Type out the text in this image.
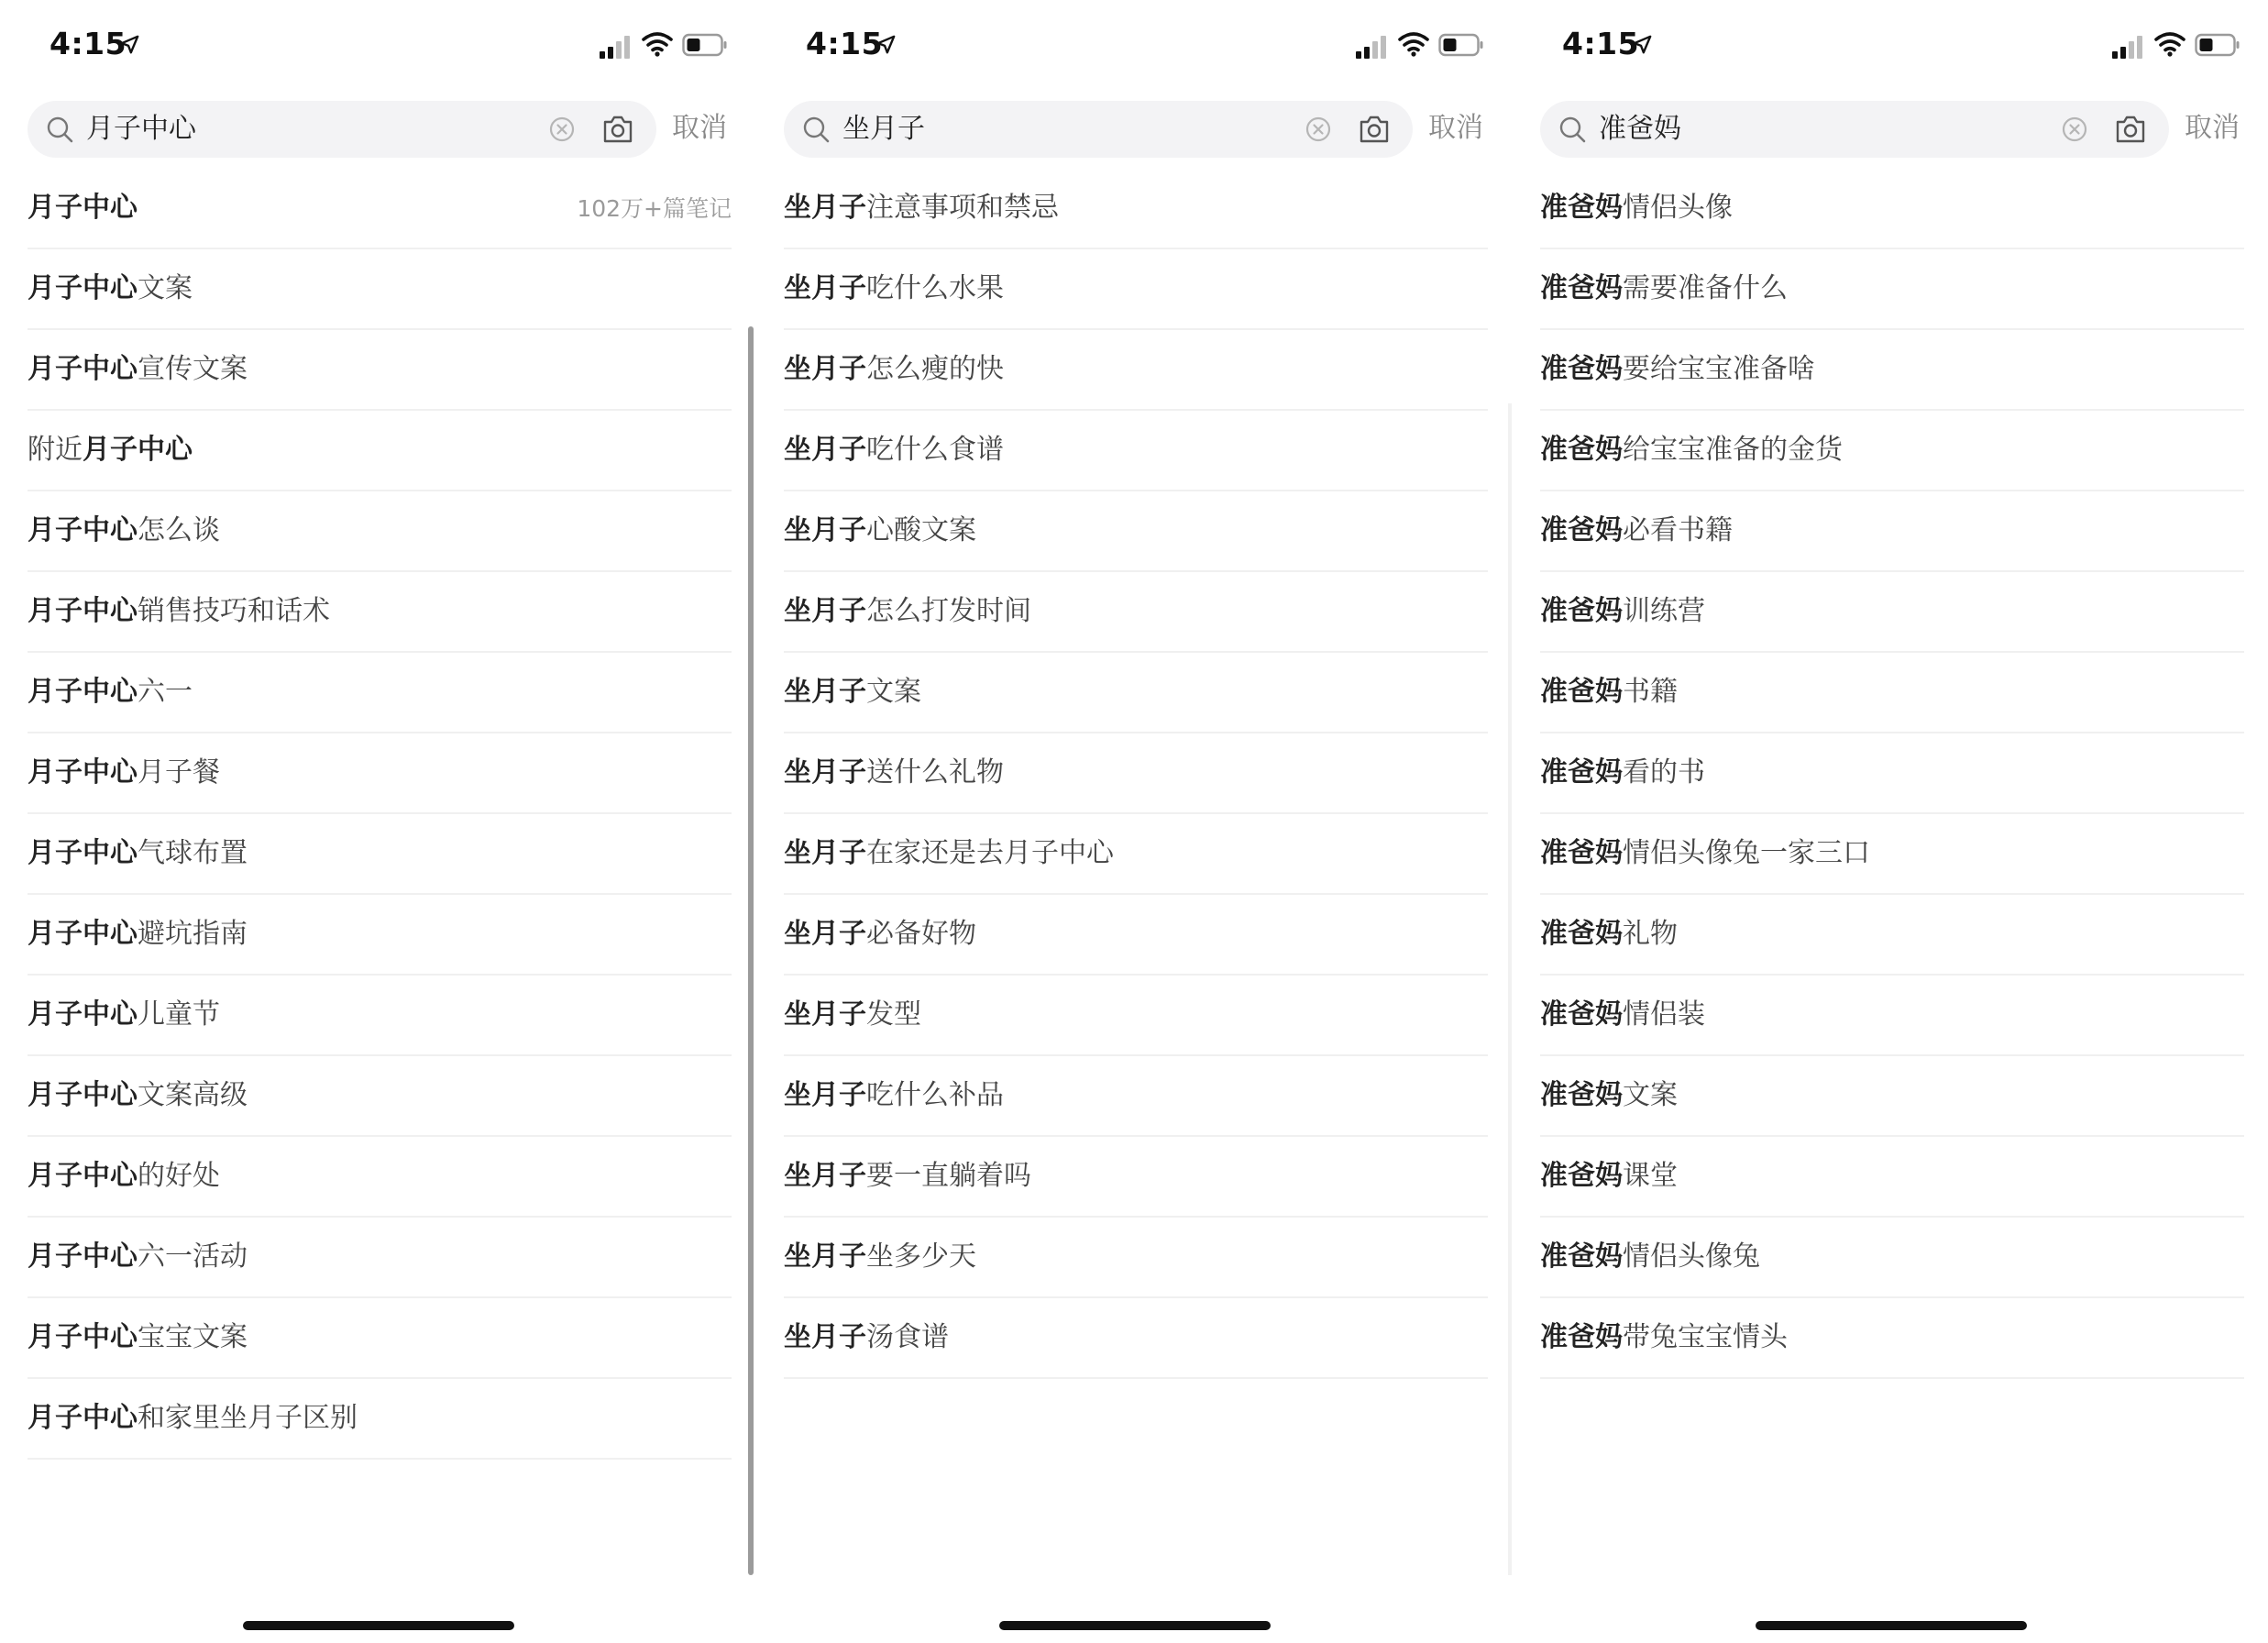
4:15
月子中心	取消
月子中心	102万+篇笔记
月子中心文案
月子中心宣传文案
附近月子中心
月子中心怎么谈
月子中心销售技巧和话术
月子中心六一
月子中心月子餐
月子中心气球布置
月子中心避坑指南
月子中心儿童节
月子中心文案高级
月子中心的好处
月子中心六一活动
月子中心宝宝文案
月子中心和家里坐月子区别
4:15
坐月子	取消
坐月子注意事项和禁忌
坐月子吃什么水果
坐月子怎么瘦的快
坐月子吃什么食谱
坐月子心酸文案
坐月子怎么打发时间
坐月子文案
坐月子送什么礼物
坐月子在家还是去月子中心
坐月子必备好物
坐月子发型
坐月子吃什么补品
坐月子要一直躺着吗
坐月子坐多少天
坐月子汤食谱
4:15
准爸妈	取消
准爸妈情侣头像
准爸妈需要准备什么
准爸妈要给宝宝准备啥
准爸妈给宝宝准备的金货
准爸妈必看书籍
准爸妈训练营
准爸妈书籍
准爸妈看的书
准爸妈情侣头像兔一家三口
准爸妈礼物
准爸妈情侣装
准爸妈文案
准爸妈课堂
准爸妈情侣头像兔
准爸妈带兔宝宝情头
